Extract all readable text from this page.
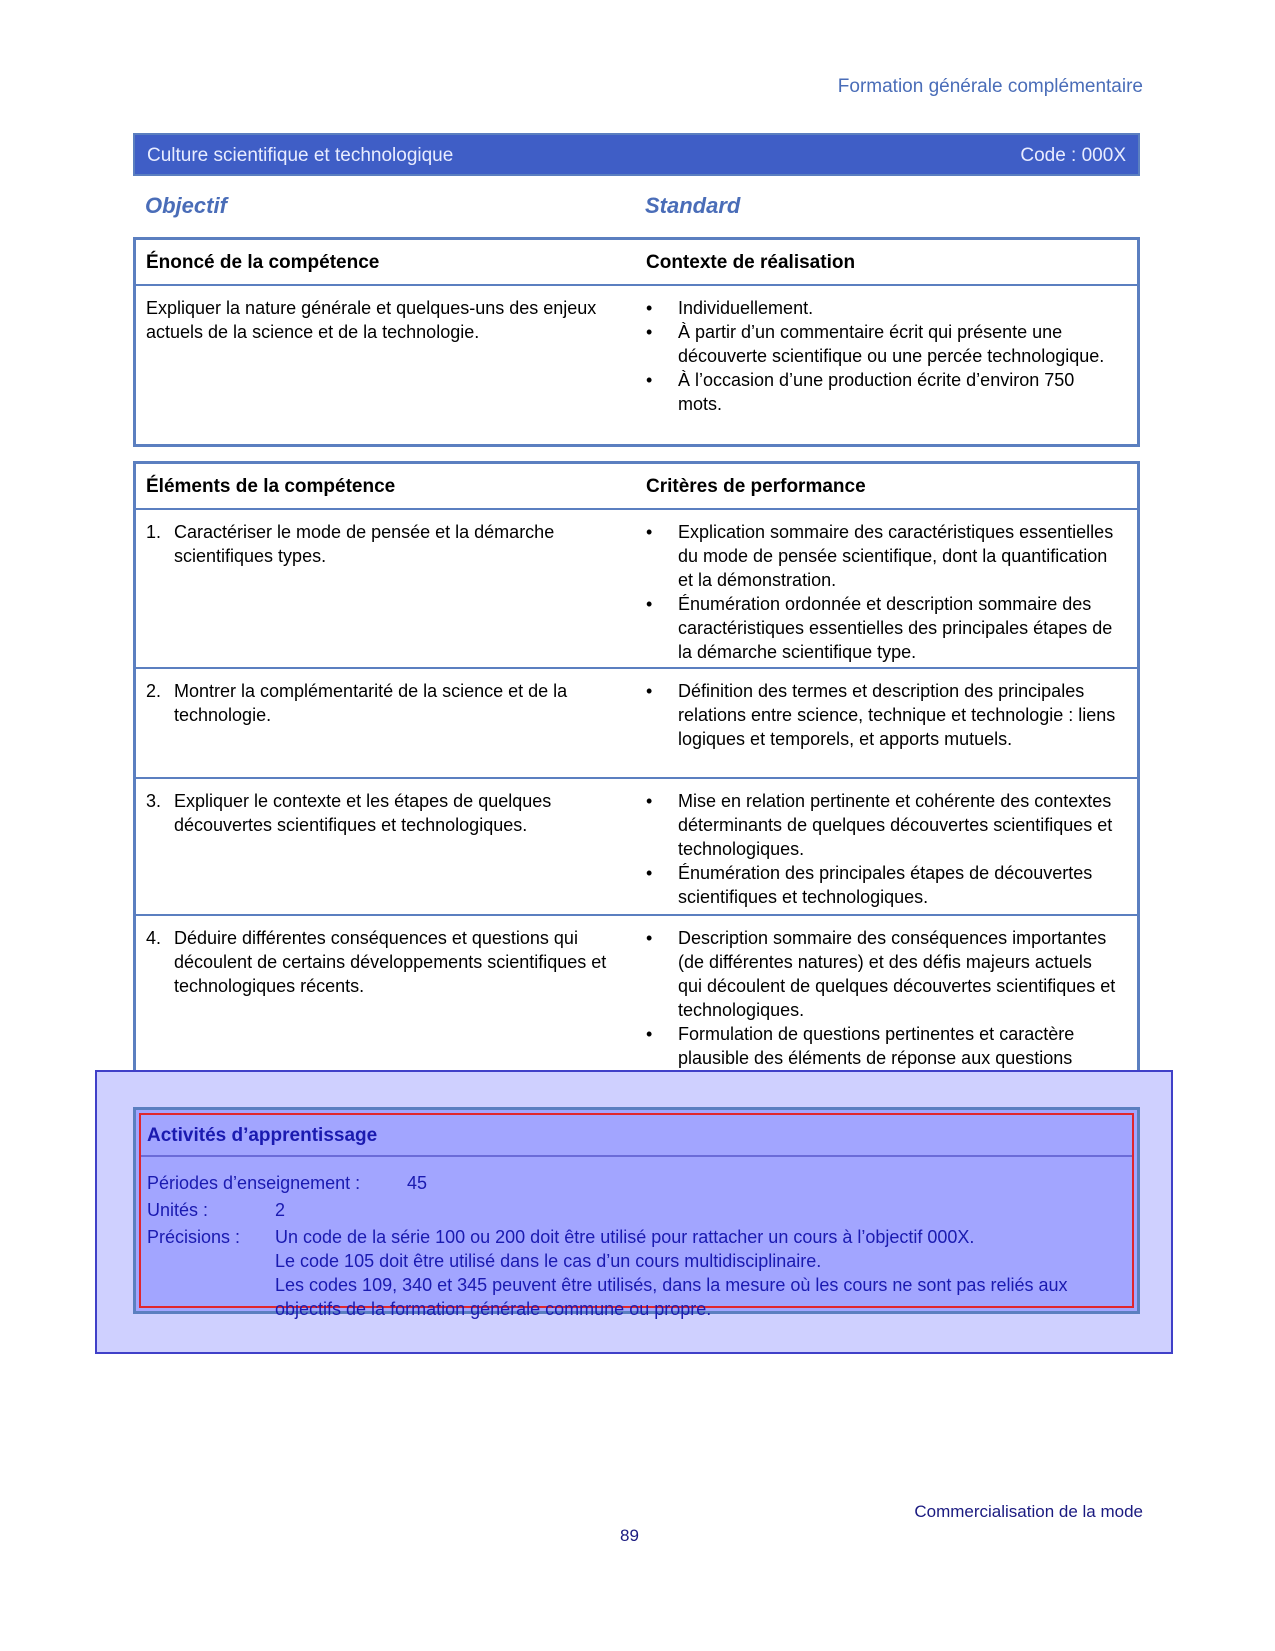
Formation générale complémentaire
Culture scientifique et technologique	Code : 000X
Objectif	Standard
Énoncé de la compétence	Contexte de réalisation
Expliquer la nature générale et quelques-uns des enjeux actuels de la science et de la technologie.
• Individuellement.
• À partir d’un commentaire écrit qui présente une découverte scientifique ou une percée technologique.
• À l’occasion d’une production écrite d’environ 750 mots.
Éléments de la compétence	Critères de performance
1. Caractériser le mode de pensée et la démarche scientifiques types.
• Explication sommaire des caractéristiques essentielles du mode de pensée scientifique, dont la quantification et la démonstration.
• Énumération ordonnée et description sommaire des caractéristiques essentielles des principales étapes de la démarche scientifique type.
2. Montrer la complémentarité de la science et de la technologie.
• Définition des termes et description des principales relations entre science, technique et technologie : liens logiques et temporels, et apports mutuels.
3. Expliquer le contexte et les étapes de quelques découvertes scientifiques et technologiques.
• Mise en relation pertinente et cohérente des contextes déterminants de quelques découvertes scientifiques et technologiques.
• Énumération des principales étapes de découvertes scientifiques et technologiques.
4. Déduire différentes conséquences et questions qui découlent de certains développements scientifiques et technologiques récents.
• Description sommaire des conséquences importantes (de différentes natures) et des défis majeurs actuels qui découlent de quelques découvertes scientifiques et technologiques.
• Formulation de questions pertinentes et caractère plausible des éléments de réponse aux questions
Activités d’apprentissage
Périodes d’enseignement :	45
Unités :	2
Précisions : Un code de la série 100 ou 200 doit être utilisé pour rattacher un cours à l’objectif 000X.
Le code 105 doit être utilisé dans le cas d’un cours multidisciplinaire.
Les codes 109, 340 et 345 peuvent être utilisés, dans la mesure où les cours ne sont pas reliés aux objectifs de la formation générale commune ou propre.
Commercialisation de la mode
89
